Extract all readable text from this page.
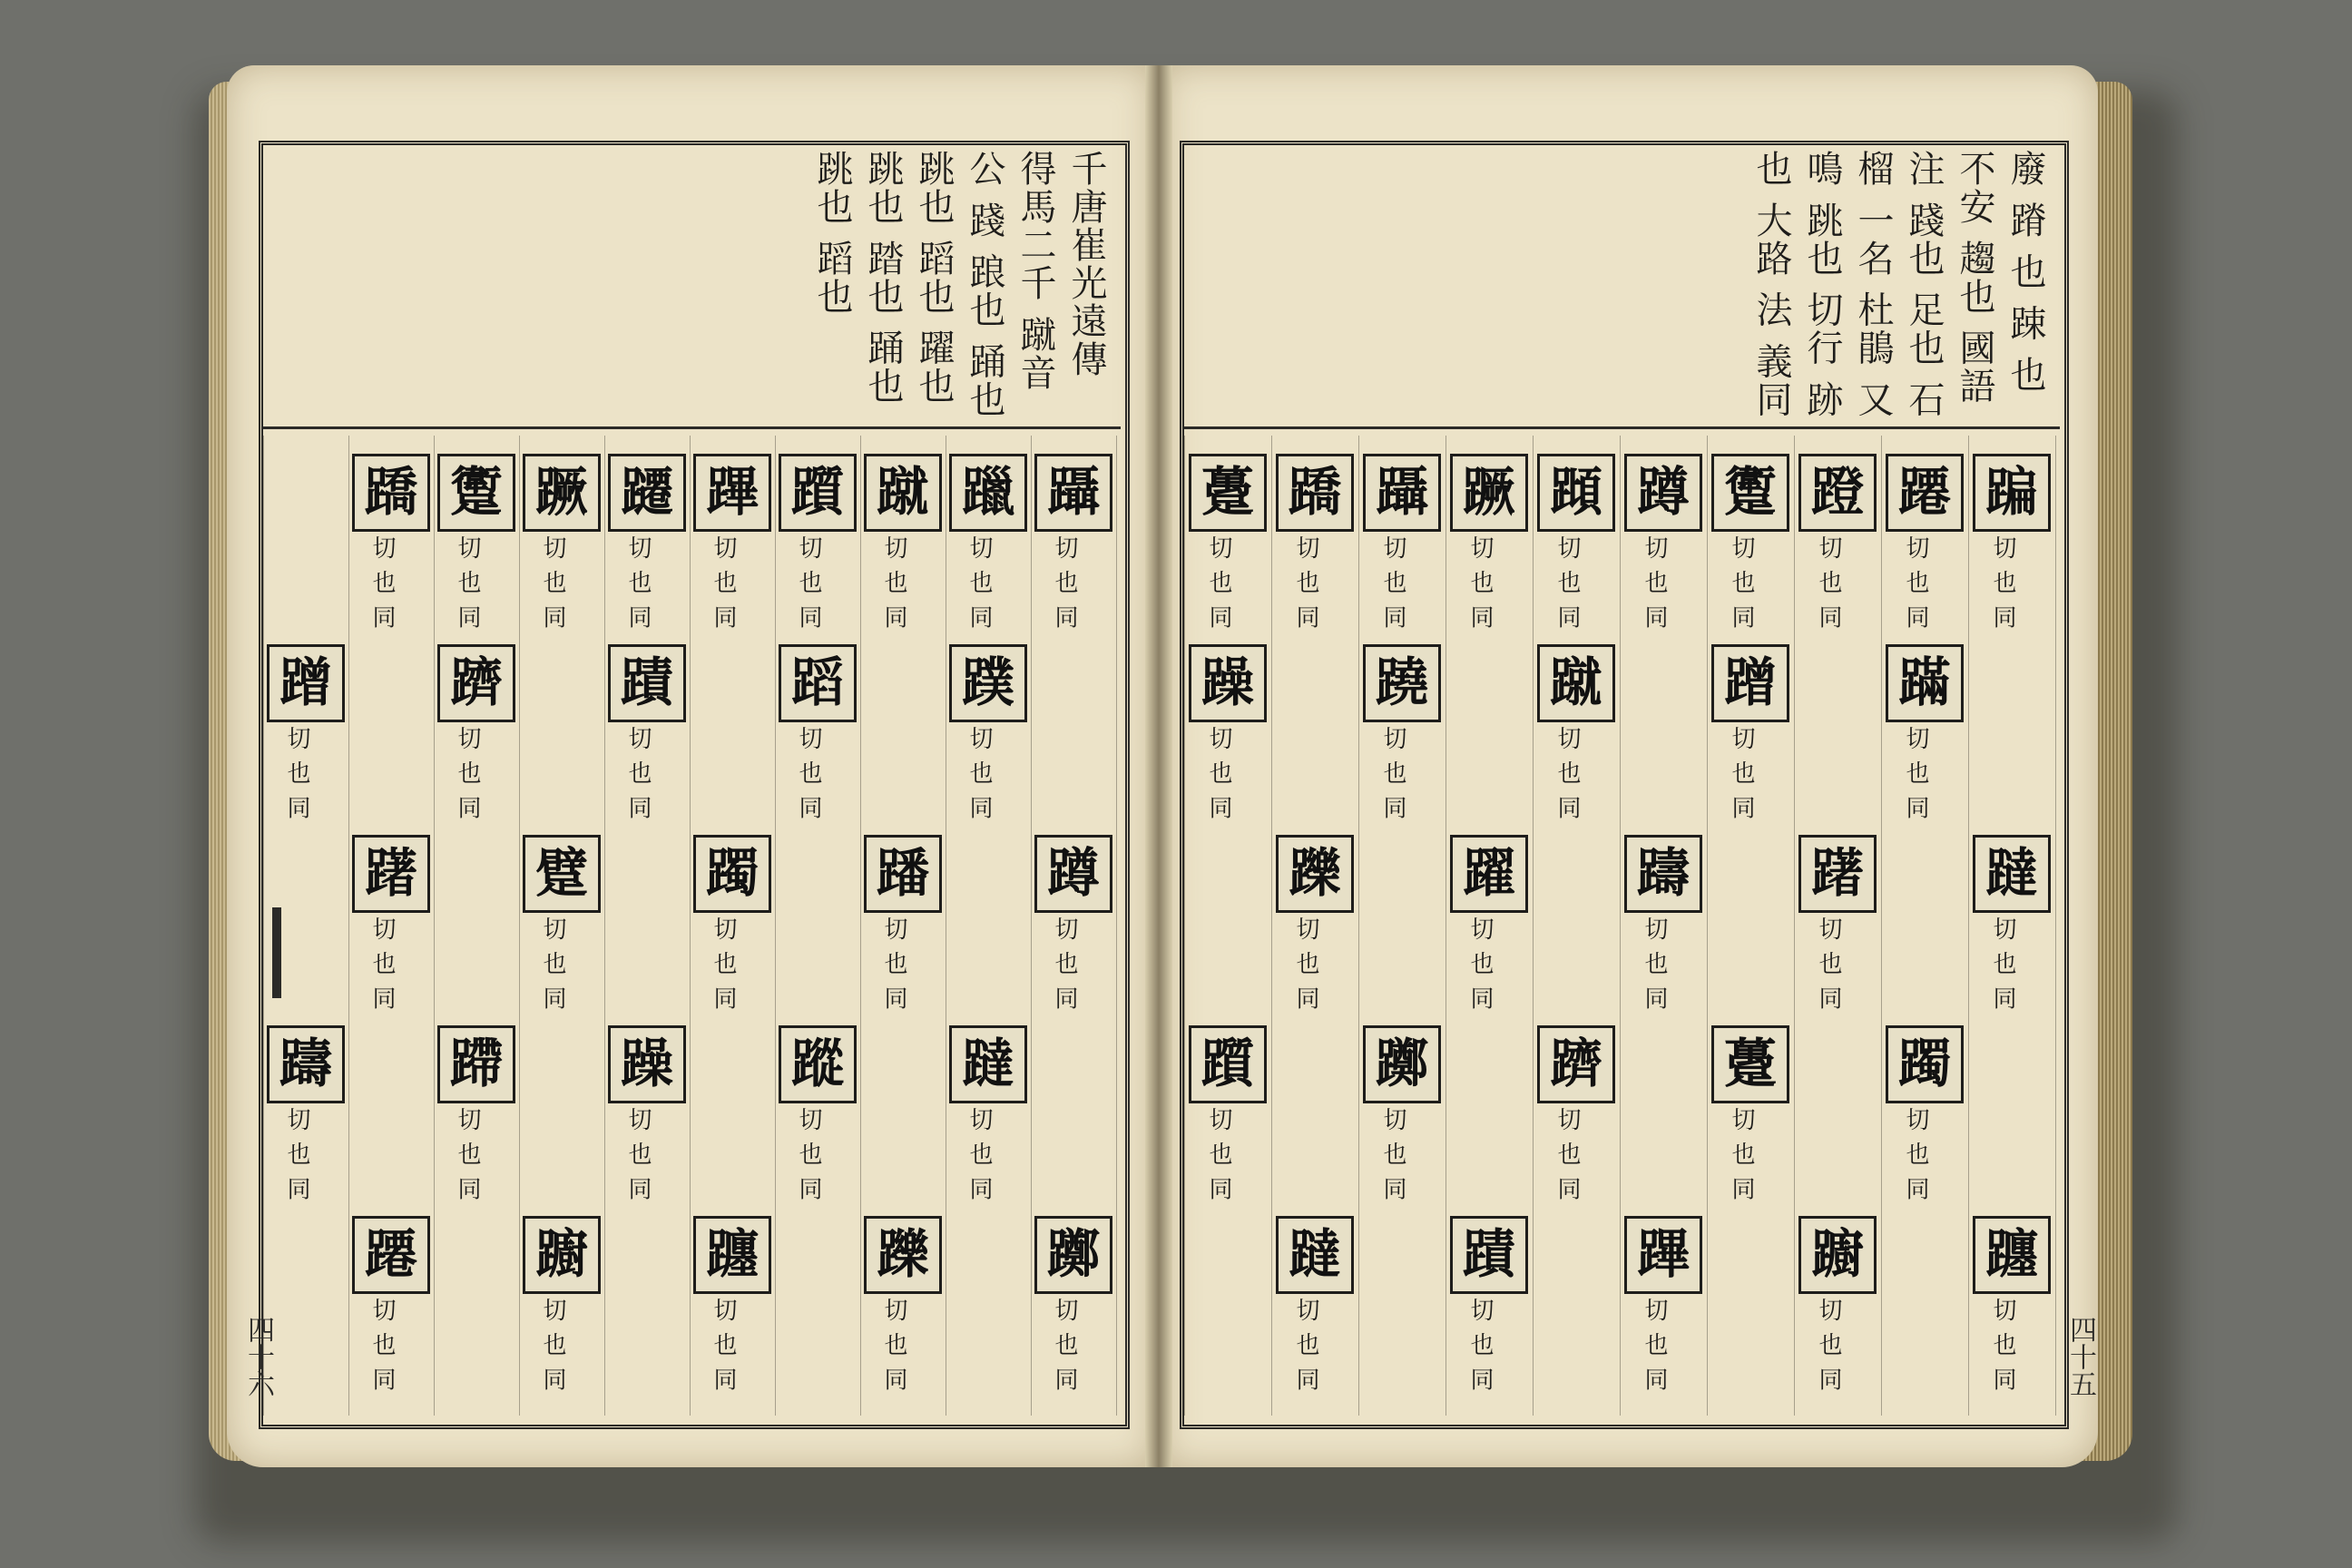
千唐崔光遠傳 得馬二千 蹴音 公 踐 踉也 踊也 跳也 蹈也 躍也 跳也 踏也 踊也 跳也 蹈也	廢 蹐 也 踈 也 不安 趨也 國語注 踐也 足也 石榴 一名 杜鵑 又鳴 跳也 切行 跡也 大路 法 義同
躡
切 也 同
蹼
切 也 同
蹴
切 也 同
蹈
切 也 同
蹕
切 也 同
蹟
切 也 同
蹶
切 也 同
躋
切 也 同
蹻
切 也 同
蹭
切 也 同
蹲
切 也 同
躂
切 也 同
蹯
切 也 同
蹤
切 也 同
躅
切 也 同
躁
切 也 同
躄
切 也 同
蹛
切 也 同
躇
切 也 同
躊
切 也 同
躑
切 也 同
躐
切 也 同
躒
切 也 同
躓
切 也 同
躔
切 也 同
躚
切 也 同
躕
切 也 同
躗
切 也 同
蹮
切 也 同
蹁
切 也 同
蹣
切 也 同
蹬
切 也 同
蹭
切 也 同
蹲
切 也 同
蹴
切 也 同
蹶
切 也 同
蹺
切 也 同
蹻
切 也 同
躁
切 也 同
躂
切 也 同
躅
切 也 同
躇
切 也 同
躉
切 也 同
躊
切 也 同
躋
切 也 同
躍
切 也 同
躑
切 也 同
躒
切 也 同
躓
切 也 同
躔
切 也 同
蹮
切 也 同
躕
切 也 同
躗
切 也 同
蹕
切 也 同
蹞
切 也 同
蹟
切 也 同
躡
切 也 同
躂
切 也 同
躉
切 也 同
四十六	四十五
